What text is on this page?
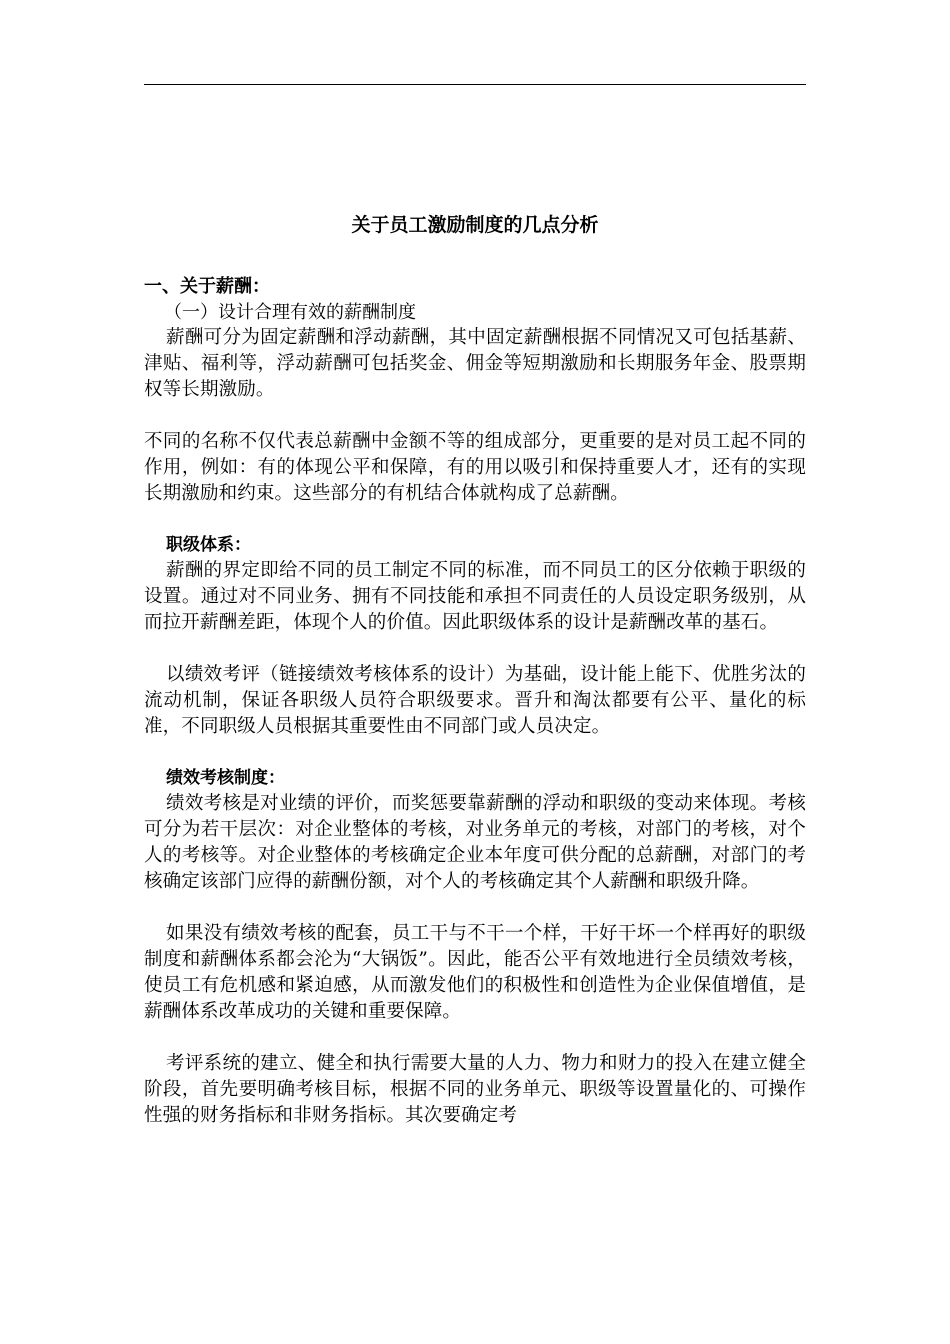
关于员工激励制度的几点分析

一、关于薪酬：

（一）设计合理有效的薪酬制度

薪酬可分为固定薪酬和浮动薪酬，其中固定薪酬根据不同情况又可包括基薪、津贴、福利等，浮动薪酬可包括奖金、佣金等短期激励和长期服务年金、股票期权等长期激励。

不同的名称不仅代表总薪酬中金额不等的组成部分，更重要的是对员工起不同的作用，例如：有的体现公平和保障，有的用以吸引和保持重要人才，还有的实现长期激励和约束。这些部分的有机结合体就构成了总薪酬。

职级体系：

薪酬的界定即给不同的员工制定不同的标准，而不同员工的区分依赖于职级的设置。通过对不同业务、拥有不同技能和承担不同责任的人员设定职务级别，从而拉开薪酬差距，体现个人的价值。因此职级体系的设计是薪酬改革的基石。

以绩效考评（链接绩效考核体系的设计）为基础，设计能上能下、优胜劣汰的流动机制，保证各职级人员符合职级要求。晋升和淘汰都要有公平、量化的标准，不同职级人员根据其重要性由不同部门或人员决定。

绩效考核制度：

绩效考核是对业绩的评价，而奖惩要靠薪酬的浮动和职级的变动来体现。考核可分为若干层次：对企业整体的考核，对业务单元的考核，对部门的考核，对个人的考核等。对企业整体的考核确定企业本年度可供分配的总薪酬，对部门的考核确定该部门应得的薪酬份额，对个人的考核确定其个人薪酬和职级升降。

如果没有绩效考核的配套，员工干与不干一个样，干好干坏一个样再好的职级制度和薪酬体系都会沦为“大锅饭”。因此，能否公平有效地进行全员绩效考核，使员工有危机感和紧迫感，从而激发他们的积极性和创造性为企业保值增值，是薪酬体系改革成功的关键和重要保障。

考评系统的建立、健全和执行需要大量的人力、物力和财力的投入在建立健全阶段，首先要明确考核目标，根据不同的业务单元、职级等设置量化的、可操作性强的财务指标和非财务指标。其次要确定考
